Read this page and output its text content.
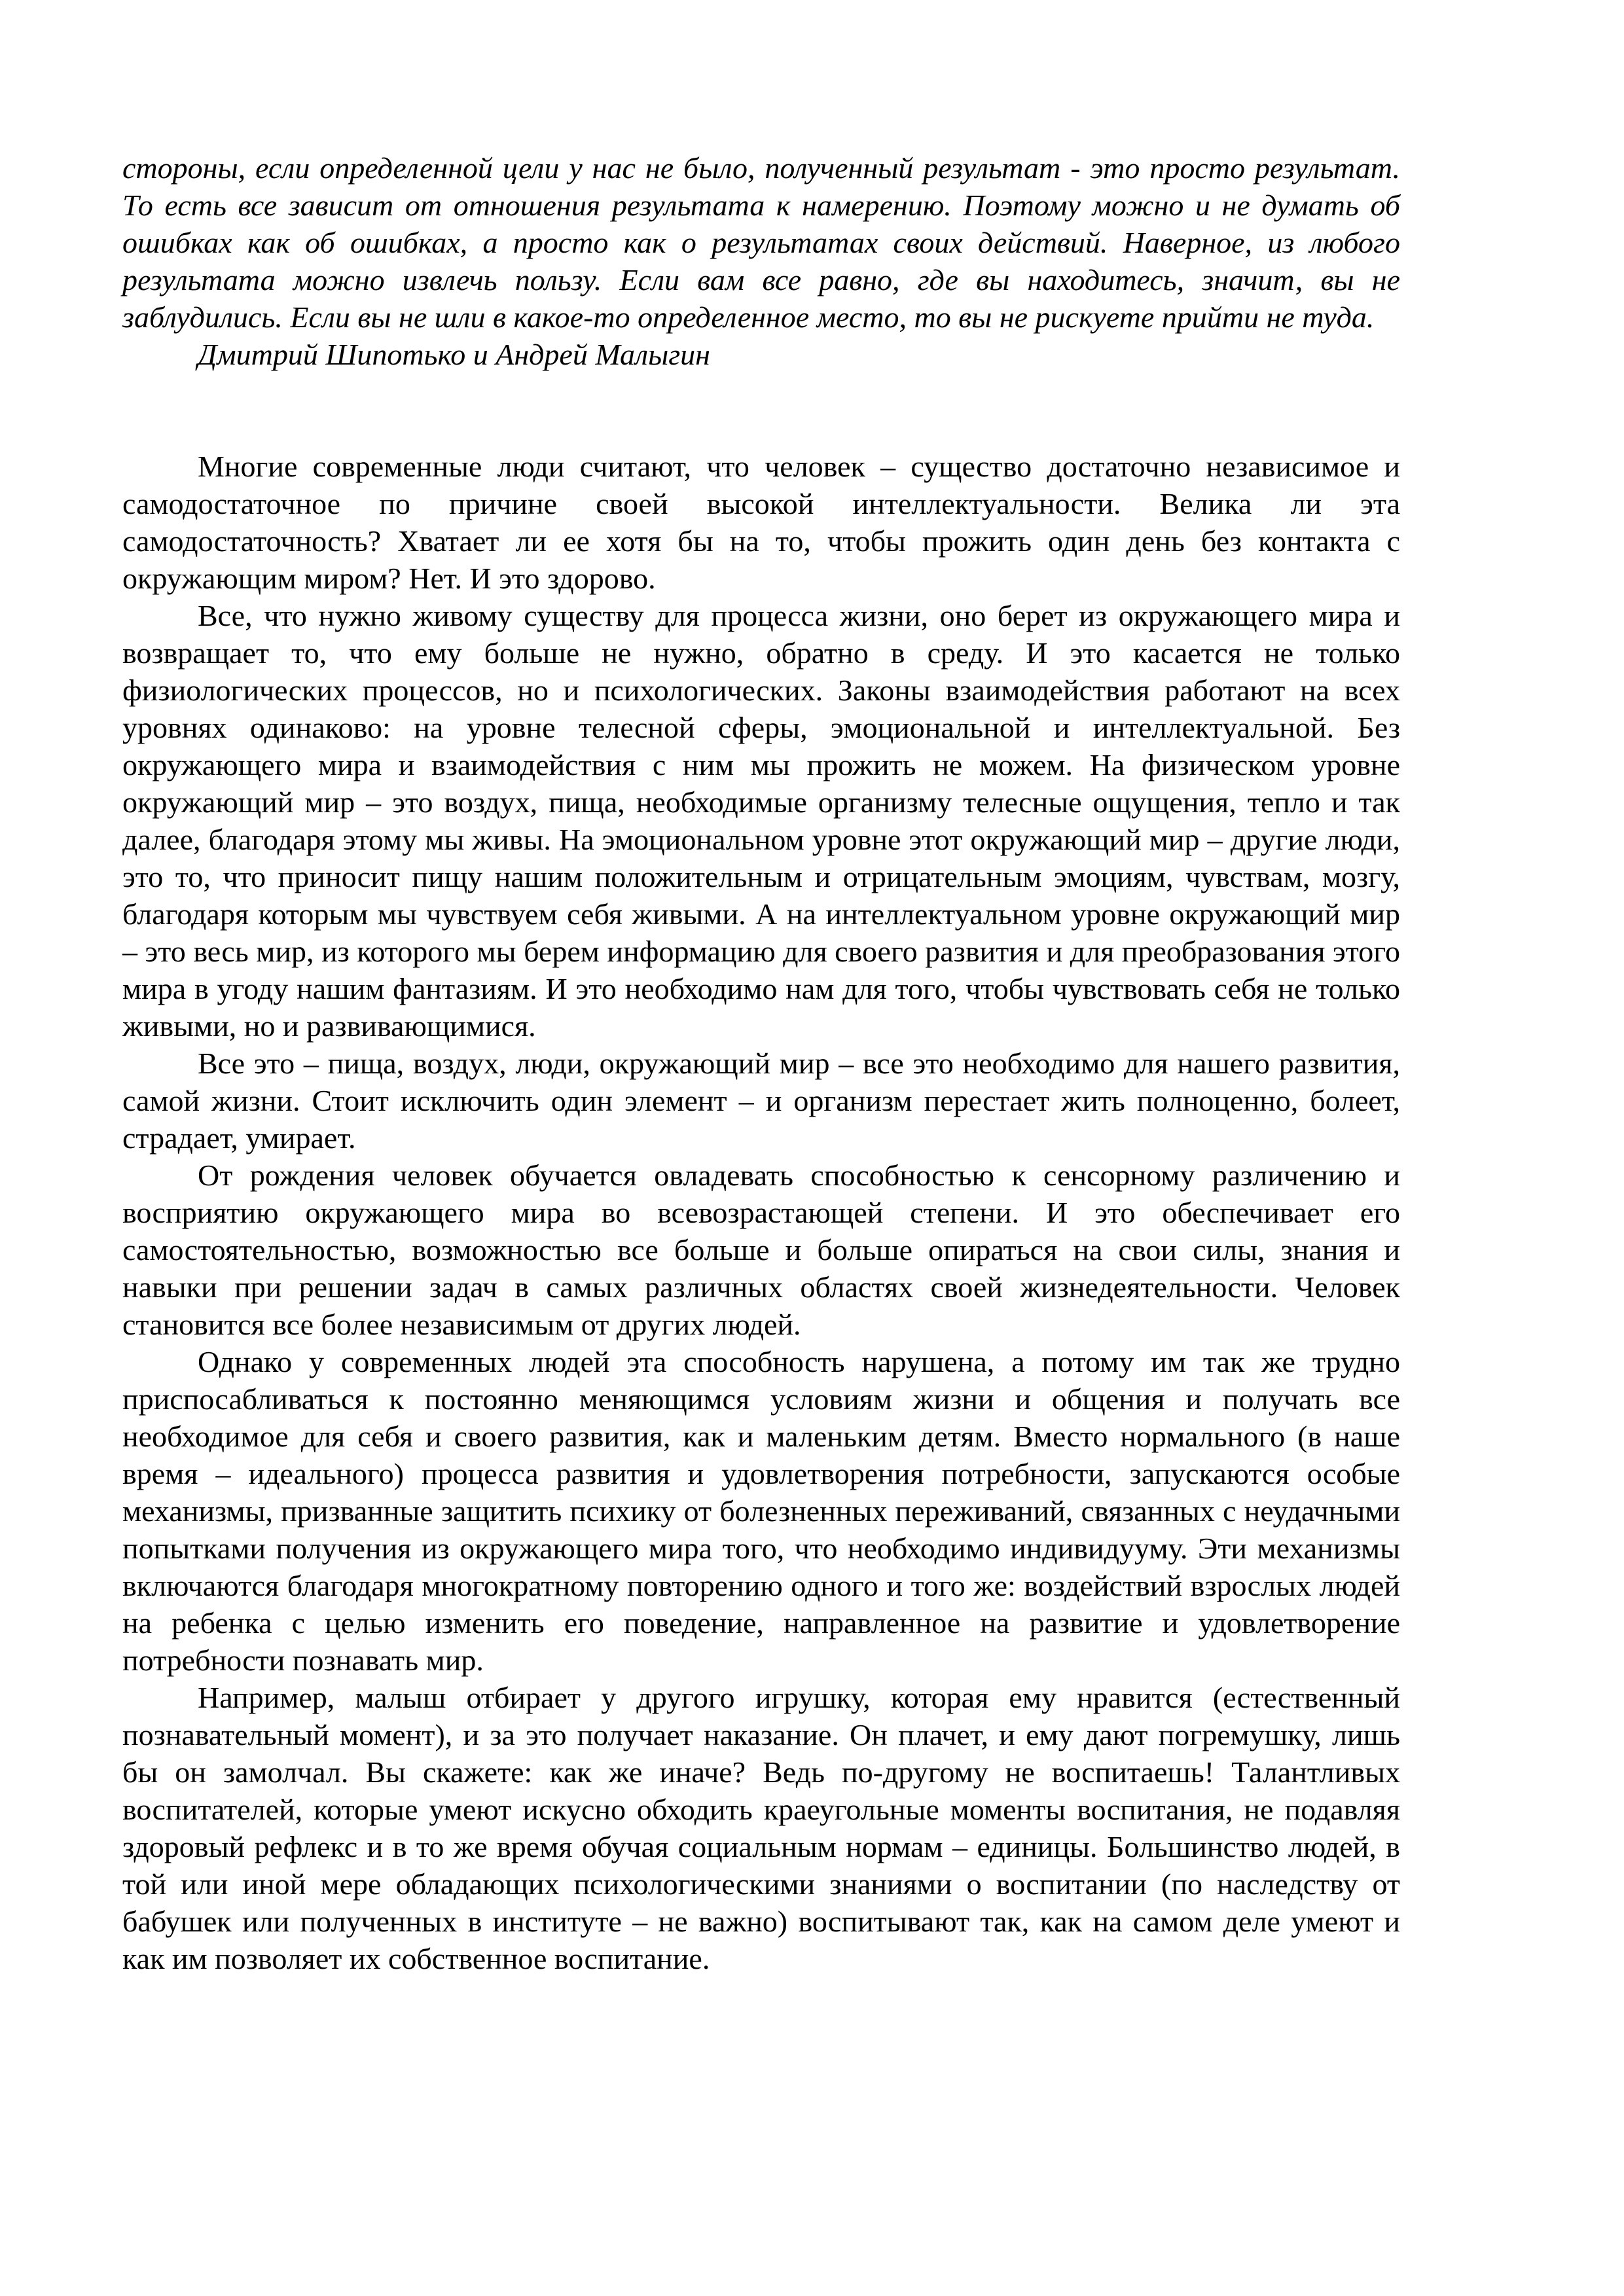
стороны, если определенной цели у нас не было, полученный результат - это просто результат. То есть все зависит от отношения результата к намерению. Поэтому можно и не думать об ошибках как об ошибках, а просто как о результатах своих действий. Наверное, из любого результата можно извлечь пользу. Если вам все равно, где вы находитесь, значит, вы не заблудились. Если вы не шли в какое-то определенное место, то вы не рискуете прийти не туда.

Дмитрий Шипотько и Андрей Малыгин

Многие современные люди считают, что человек – существо достаточно независимое и самодостаточное по причине своей высокой интеллектуальности. Велика ли эта самодостаточность? Хватает ли ее хотя бы на то, чтобы прожить один день без контакта с окружающим миром? Нет. И это здорово.

Все, что нужно живому существу для процесса жизни, оно берет из окружающего мира и возвращает то, что ему больше не нужно, обратно в среду. И это касается не только физиологических процессов, но и психологических. Законы взаимодействия работают на всех уровнях одинаково: на уровне телесной сферы, эмоциональной и интеллектуальной. Без окружающего мира и взаимодействия с ним мы прожить не можем. На физическом уровне окружающий мир – это воздух, пища, необходимые организму телесные ощущения, тепло и так далее, благодаря этому мы живы. На эмоциональном уровне этот окружающий мир – другие люди, это то, что приносит пищу нашим положительным и отрицательным эмоциям, чувствам, мозгу, благодаря которым мы чувствуем себя живыми. А на интеллектуальном уровне окружающий мир – это весь мир, из которого мы берем информацию для своего развития и для преобразования этого мира в угоду нашим фантазиям. И это необходимо нам для того, чтобы чувствовать себя не только живыми, но и развивающимися.

Все это – пища, воздух, люди, окружающий мир – все это необходимо для нашего развития, самой жизни. Стоит исключить один элемент – и организм перестает жить полноценно, болеет, страдает, умирает.

От рождения человек обучается овладевать способностью к сенсорному различению и восприятию окружающего мира во всевозрастающей степени. И это обеспечивает его самостоятельностью, возможностью все больше и больше опираться на свои силы, знания и навыки при решении задач в самых различных областях своей жизнедеятельности. Человек становится все более независимым от других людей.

Однако у современных людей эта способность нарушена, а потому им так же трудно приспосабливаться к постоянно меняющимся условиям жизни и общения и получать все необходимое для себя и своего развития, как и маленьким детям. Вместо нормального (в наше время – идеального) процесса развития и удовлетворения потребности, запускаются особые механизмы, призванные защитить психику от болезненных переживаний, связанных с неудачными попытками получения из окружающего мира того, что необходимо индивидууму. Эти механизмы включаются благодаря многократному повторению одного и того же: воздействий взрослых людей на ребенка с целью изменить его поведение, направленное на развитие и удовлетворение потребности познавать мир.

Например, малыш отбирает у другого игрушку, которая ему нравится (естественный познавательный момент), и за это получает наказание. Он плачет, и ему дают погремушку, лишь бы он замолчал. Вы скажете: как же иначе? Ведь по-другому не воспитаешь! Талантливых воспитателей, которые умеют искусно обходить краеугольные моменты воспитания, не подавляя здоровый рефлекс и в то же время обучая социальным нормам – единицы. Большинство людей, в той или иной мере обладающих психологическими знаниями о воспитании (по наследству от бабушек или полученных в институте – не важно) воспитывают так, как на самом деле умеют и как им позволяет их собственное воспитание.
